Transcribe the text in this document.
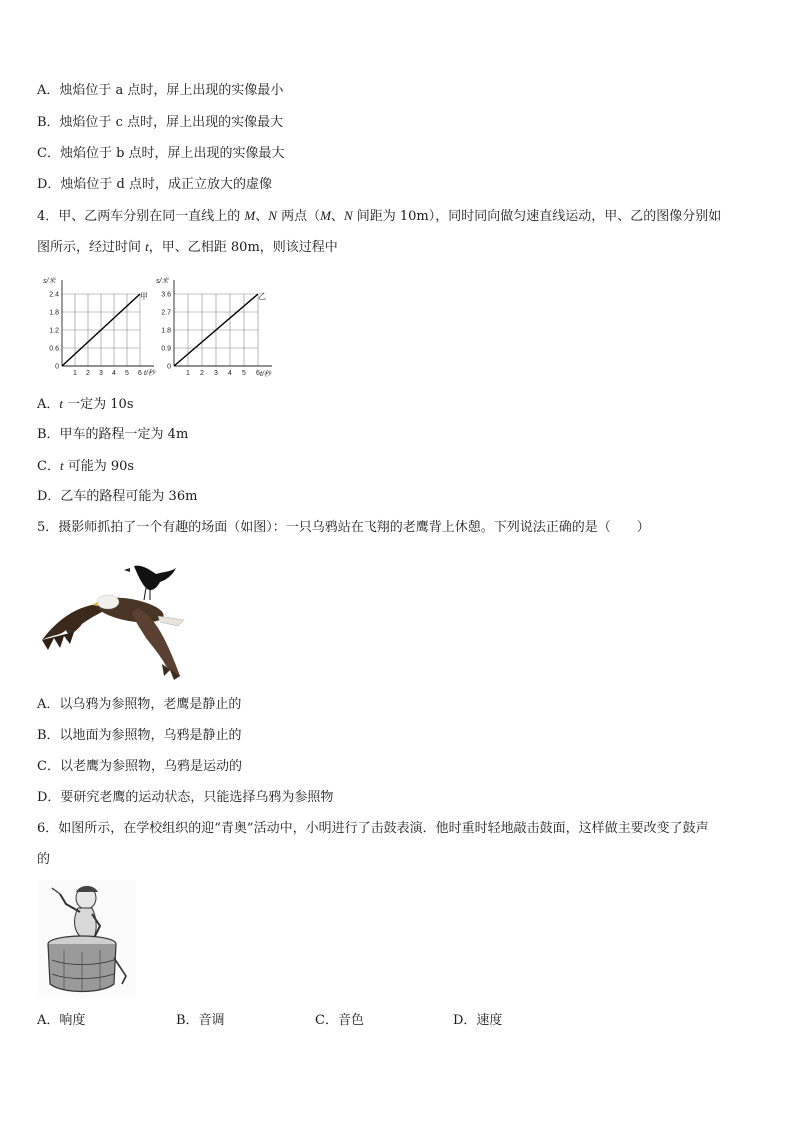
A．烛焰位于 a 点时，屏上出现的实像最小
B．烛焰位于 c 点时，屏上出现的实像最大
C．烛焰位于 b 点时，屏上出现的实像最大
D．烛焰位于 d 点时，成正立放大的虚像
4．甲、乙两车分别在同一直线上的 M、N 两点（M、N 间距为 10m），同时同向做匀速直线运动，甲、乙的图像分别如
图所示，经过时间 t，甲、乙相距 80m，则该过程中
1 2 3 4 5 6
0
0.6
1.2
1.8
2.4
s/米
t/秒
甲
1 2 3 4 5 6
0
0.9
1.8
2.7
3.6
s/米
t/秒
乙
A．t 一定为 10s
B．甲车的路程一定为 4m
C．t 可能为 90s
D．乙车的路程可能为 36m
5．摄影师抓拍了一个有趣的场面（如图）：一只乌鸦站在飞翔的老鹰背上休憩。下列说法正确的是（　　）
A．以乌鸦为参照物，老鹰是静止的
B．以地面为参照物，乌鸦是静止的
C．以老鹰为参照物，乌鸦是运动的
D．要研究老鹰的运动状态，只能选择乌鸦为参照物
6．如图所示，在学校组织的迎“青奥”活动中，小明进行了击鼓表演．他时重时轻地敲击鼓面，这样做主要改变了鼓声
的
A．响度	B．音调	C．音色	D．速度
